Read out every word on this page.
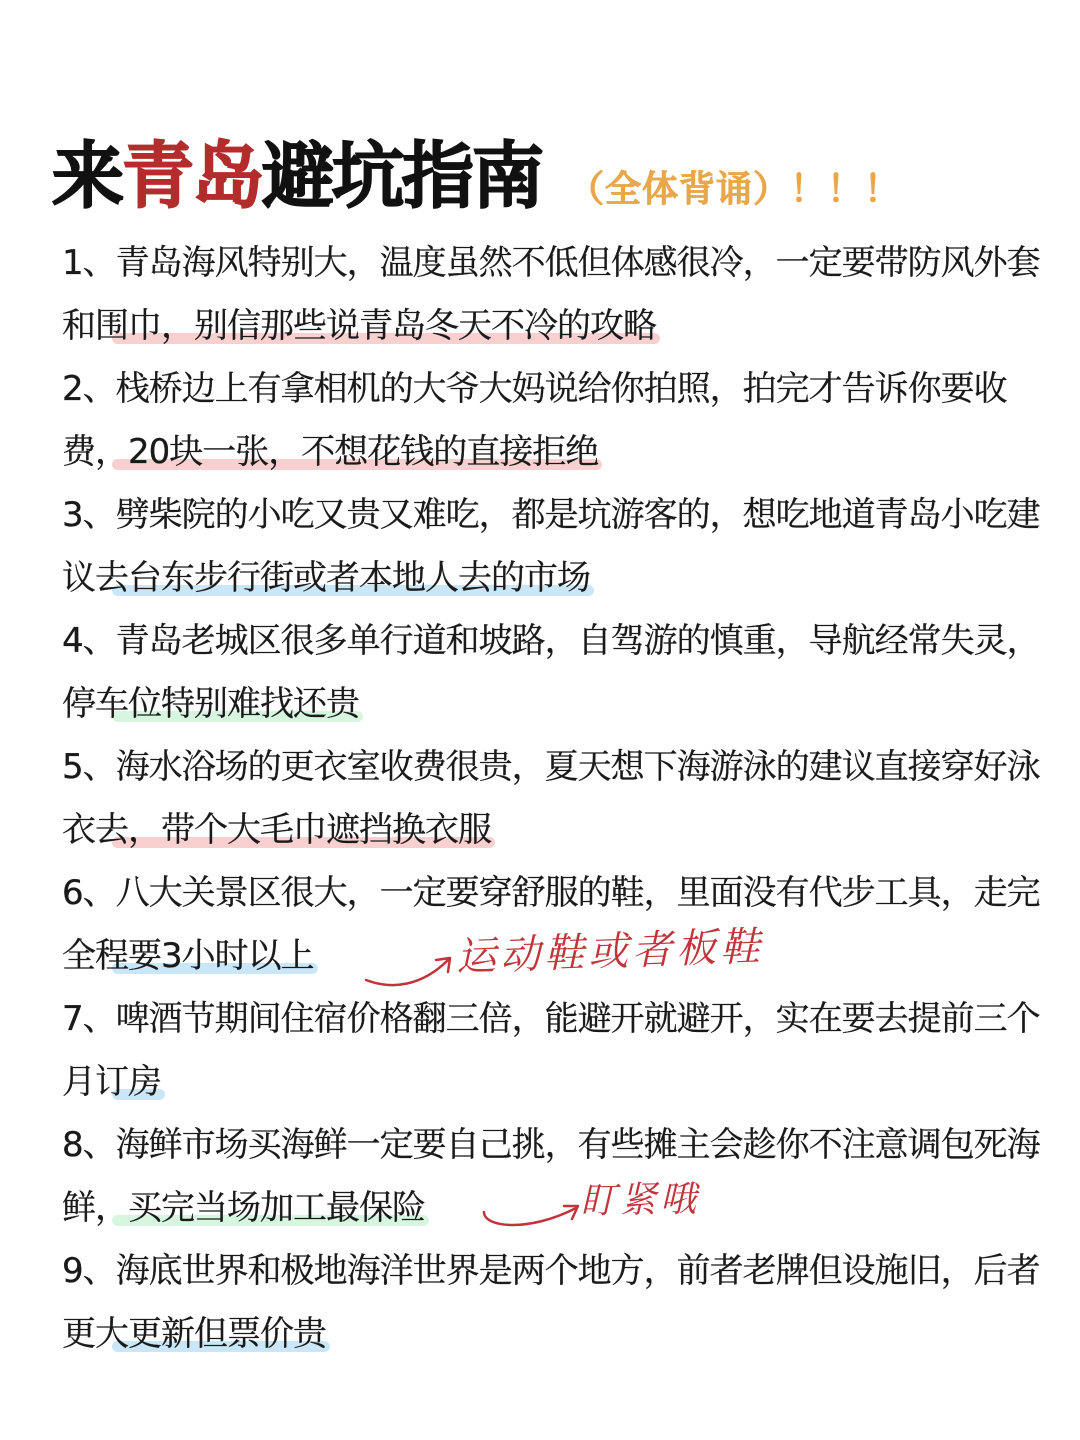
来 青岛 避坑指南 （全体背诵）！！！

1、青岛海风特别大，温度虽然不低但体感很冷，一定要带防风外套和围巾，别信那些说青岛冬天不冷的攻略

2、栈桥边上有拿相机的大爷大妈说给你拍照，拍完才告诉你要收费，20块一张，不想花钱的直接拒绝

3、劈柴院的小吃又贵又难吃，都是坑游客的，想吃地道青岛小吃建议去台东步行街或者本地人去的市场

4、青岛老城区很多单行道和坡路，自驾游的慎重，导航经常失灵，停车位特别难找还贵

5、海水浴场的更衣室收费很贵，夏天想下海游泳的建议直接穿好泳衣去，带个大毛巾遮挡换衣服

6、八大关景区很大，一定要穿舒服的鞋，里面没有代步工具，走完全程要3小时以上

7、啤酒节期间住宿价格翻三倍，能避开就避开，实在要去提前三个月订房

8、海鲜市场买海鲜一定要自己挑，有些摊主会趁你不注意调包死海鲜，买完当场加工最保险

9、海底世界和极地海洋世界是两个地方，前者老牌但设施旧，后者更大更新但票价贵

运动鞋或者板鞋
盯紧哦
